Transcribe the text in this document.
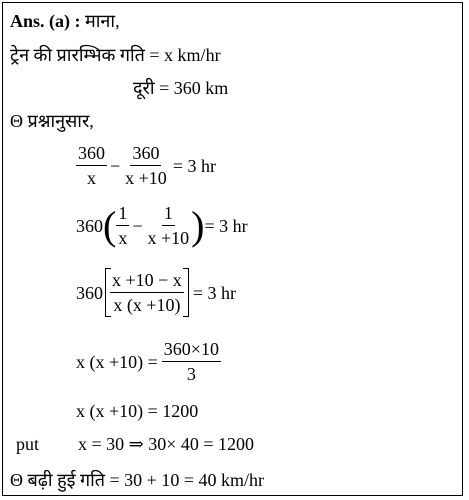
Ans. (a) : माना,
ट्रेन की प्रारम्भिक गति = x km/hr
दूरी = 360 km
Θ प्रश्नानुसार,
$\frac{360}{x} - \frac{360}{x +10} = 3$ hr
360 ( $\frac{1}{x} - \frac{1}{x +10}$ ) = 3 hr
$360 \frac{x +10 - x}{x (x +10)} = 3$ hr
x $(x +10) = \frac{360\times 10}{3}$
x (x +10) = 1200
put x = 30 ⇒ 30× 40 = 1200
Θ बढ़ी हुई गति = 30 + 10 = 40 km/hr
